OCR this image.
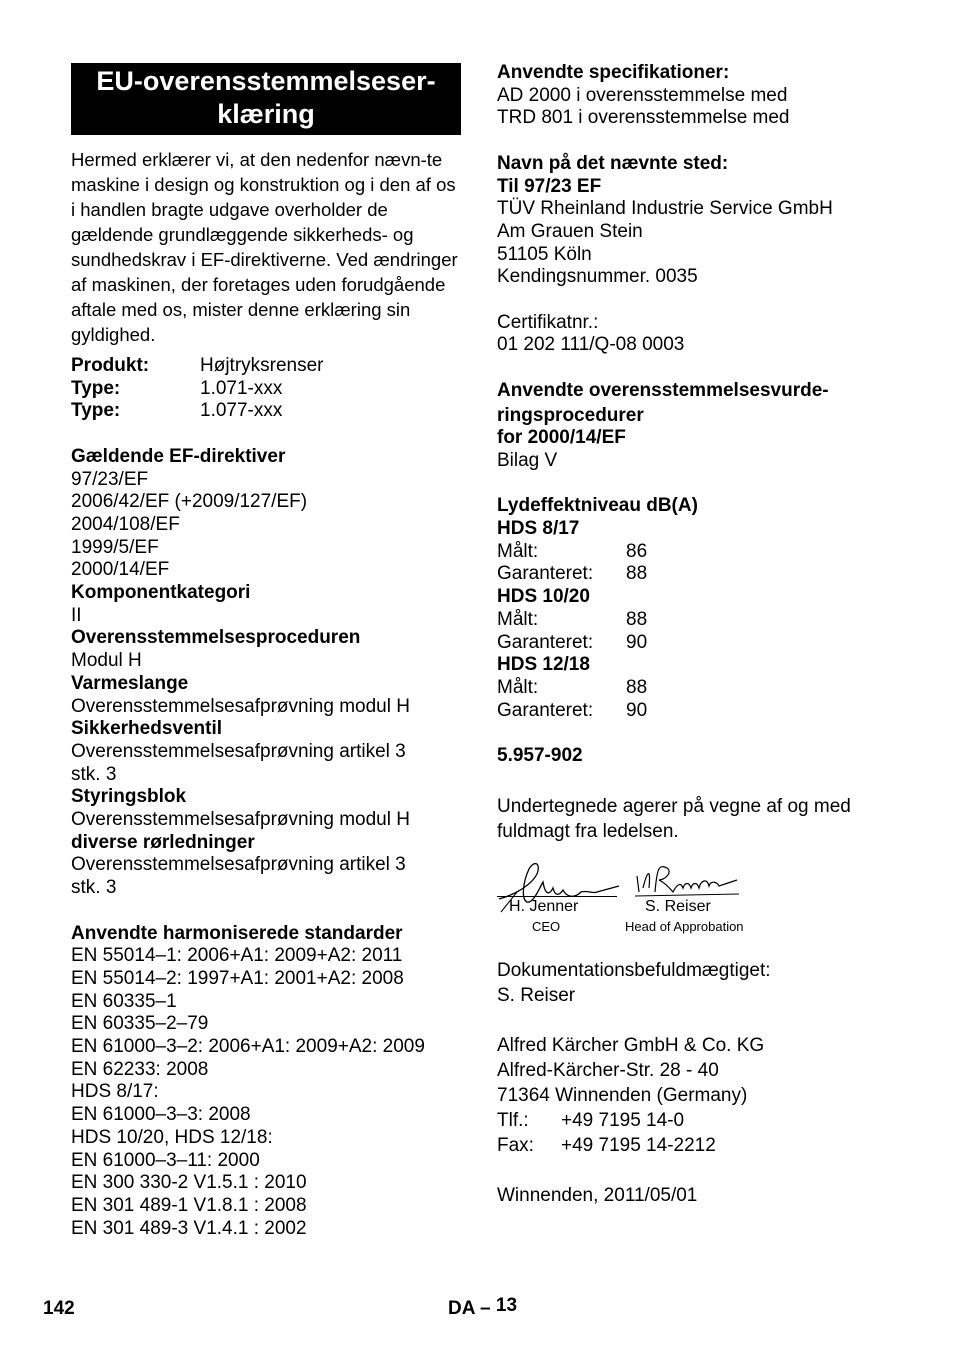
EU-overensstemmelseser-
klæring
Hermed erklærer vi, at den nedenfor nævn-te maskine i design og konstruktion og i den af os i handlen bragte udgave overholder de gældende grundlæggende sikkerheds- og sundhedskrav i EF-direktiverne. Ved ændringer af maskinen, der foretages uden forudgående aftale med os, mister denne erklæring sin gyldighed.
Produkt:	Højtryksrenser
Type:	1.071-xxx
Type:	1.077-xxx
Gældende EF-direktiver
97/23/EF
2006/42/EF (+2009/127/EF)
2004/108/EF
1999/5/EF
2000/14/EF
Komponentkategori
II
Overensstemmelsesproceduren
Modul H
Varmeslange
Overensstemmelsesafprøvning modul H
Sikkerhedsventil
Overensstemmelsesafprøvning artikel 3
stk. 3
Styringsblok
Overensstemmelsesafprøvning modul H
diverse rørledninger
Overensstemmelsesafprøvning artikel 3
stk. 3
Anvendte harmoniserede standarder
EN 55014–1: 2006+A1: 2009+A2: 2011
EN 55014–2: 1997+A1: 2001+A2: 2008
EN 60335–1
EN 60335–2–79
EN 61000–3–2: 2006+A1: 2009+A2: 2009
EN 62233: 2008
HDS 8/17:
EN 61000–3–3: 2008
HDS 10/20, HDS 12/18:
EN 61000–3–11: 2000
EN 300 330-2 V1.5.1 : 2010
EN 301 489-1 V1.8.1 : 2008
EN 301 489-3 V1.4.1 : 2002
Anvendte specifikationer:
AD 2000 i overensstemmelse med
TRD 801 i overensstemmelse med
Navn på det nævnte sted:
Til 97/23 EF
TÜV Rheinland Industrie Service GmbH
Am Grauen Stein
51105 Köln
Kendingsnummer. 0035
Certifikatnr.:
01 202 111/Q-08 0003
Anvendte overensstemmelsesvurde-
ringsprocedurer
for 2000/14/EF
Bilag V
Lydeffektniveau dB(A)
HDS 8/17
Målt:	86
Garanteret:	88
HDS 10/20
Målt:	88
Garanteret:	90
HDS 12/18
Målt:	88
Garanteret:	90
5.957-902
Undertegnede agerer på vegne af og med fuldmagt fra ledelsen.
H. Jenner
CEO
S. Reiser
Head of Approbation
Dokumentationsbefuldmægtiget:
S. Reiser
Alfred Kärcher GmbH & Co. KG
Alfred-Kärcher-Str. 28 - 40
71364 Winnenden (Germany)
Tlf.:	+49 7195 14-0
Fax:	+49 7195 14-2212
Winnenden, 2011/05/01
142	DA – 13
